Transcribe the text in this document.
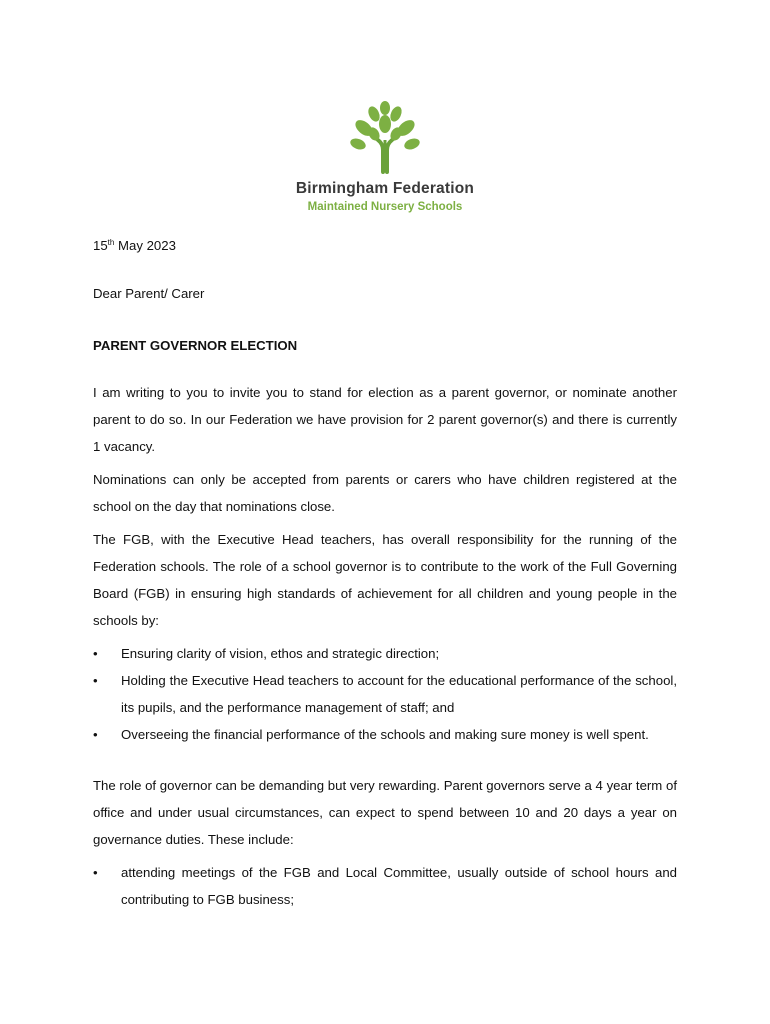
Birmingham Federation
Maintained Nursery Schools

15th May 2023

Dear Parent/ Carer

PARENT GOVERNOR ELECTION

I am writing to you to invite you to stand for election as a parent governor, or nominate another parent to do so. In our Federation we have provision for 2 parent governor(s) and there is currently 1 vacancy.

Nominations can only be accepted from parents or carers who have children registered at the school on the day that nominations close.

The FGB, with the Executive Head teachers, has overall responsibility for the running of the Federation schools. The role of a school governor is to contribute to the work of the Full Governing Board (FGB) in ensuring high standards of achievement for all children and young people in the schools by:

• Ensuring clarity of vision, ethos and strategic direction;
• Holding the Executive Head teachers to account for the educational performance of the school, its pupils, and the performance management of staff; and
• Overseeing the financial performance of the schools and making sure money is well spent.

The role of governor can be demanding but very rewarding. Parent governors serve a 4 year term of office and under usual circumstances, can expect to spend between 10 and 20 days a year on governance duties. These include:

• attending meetings of the FGB and Local Committee, usually outside of school hours and contributing to FGB business;
